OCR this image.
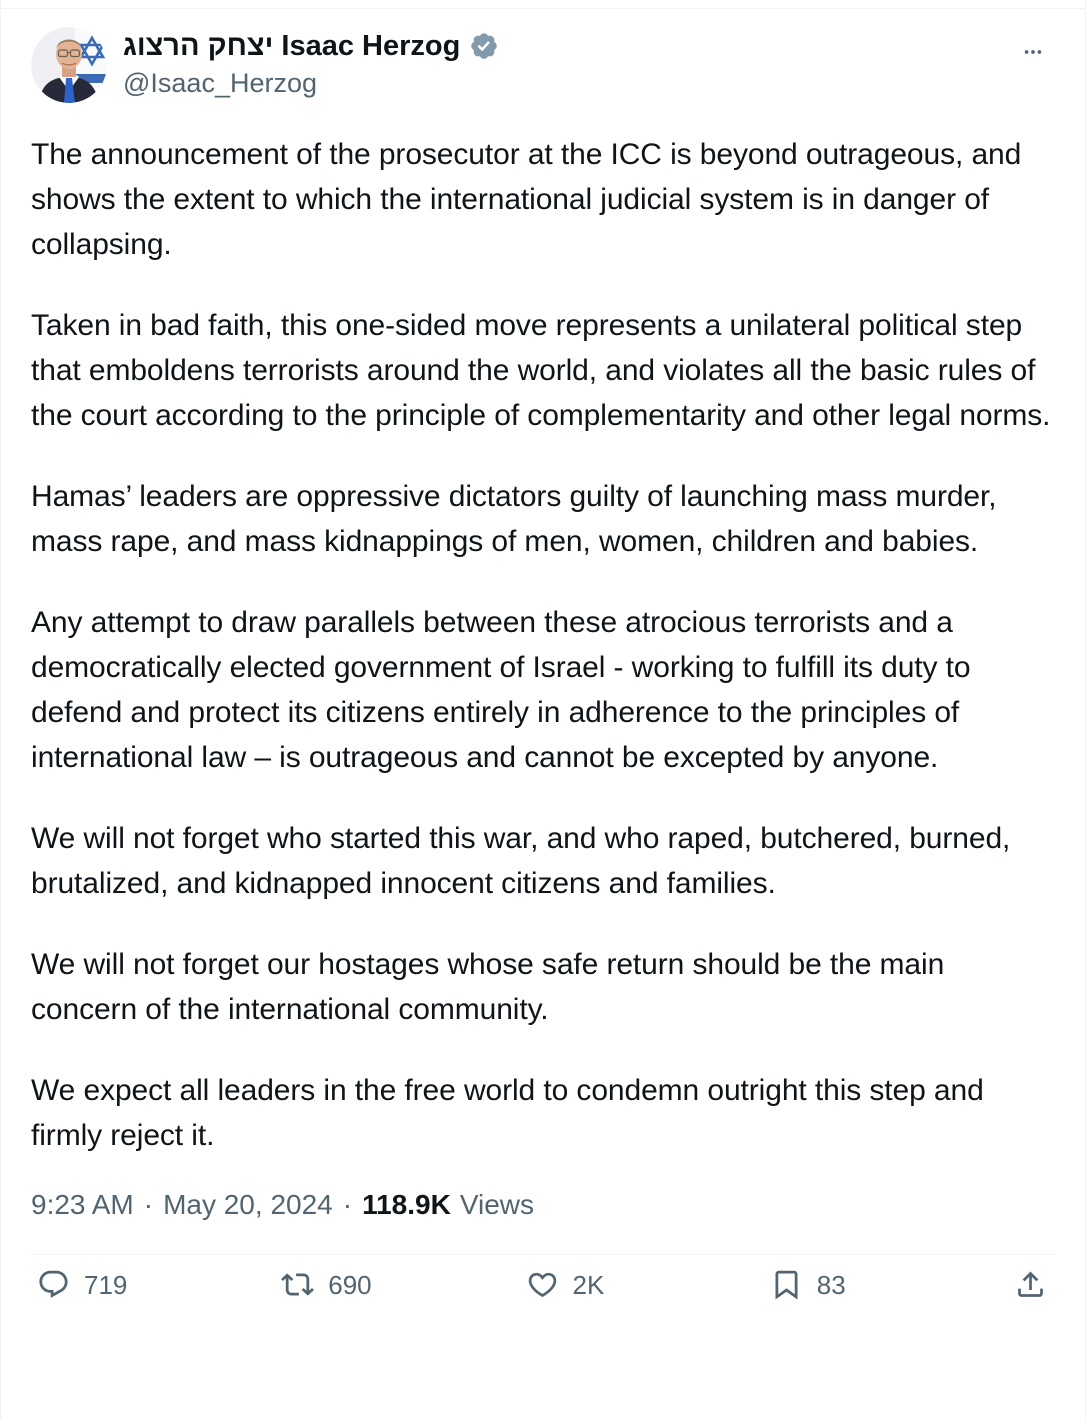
יצחק הרצוג Isaac Herzog
@Isaac_Herzog

The announcement of the prosecutor at the ICC is beyond outrageous, and shows the extent to which the international judicial system is in danger of collapsing.

Taken in bad faith, this one-sided move represents a unilateral political step that emboldens terrorists around the world, and violates all the basic rules of the court according to the principle of complementarity and other legal norms.

Hamas’ leaders are oppressive dictators guilty of launching mass murder, mass rape, and mass kidnappings of men, women, children and babies.

Any attempt to draw parallels between these atrocious terrorists and a democratically elected government of Israel - working to fulfill its duty to defend and protect its citizens entirely in adherence to the principles of international law – is outrageous and cannot be excepted by anyone.

We will not forget who started this war, and who raped, butchered, burned, brutalized, and kidnapped innocent citizens and families.

We will not forget our hostages whose safe return should be the main concern of the international community.

We expect all leaders in the free world to condemn outright this step and firmly reject it.

9:23 AM · May 20, 2024 · 118.9K Views
719	690	2K	83
